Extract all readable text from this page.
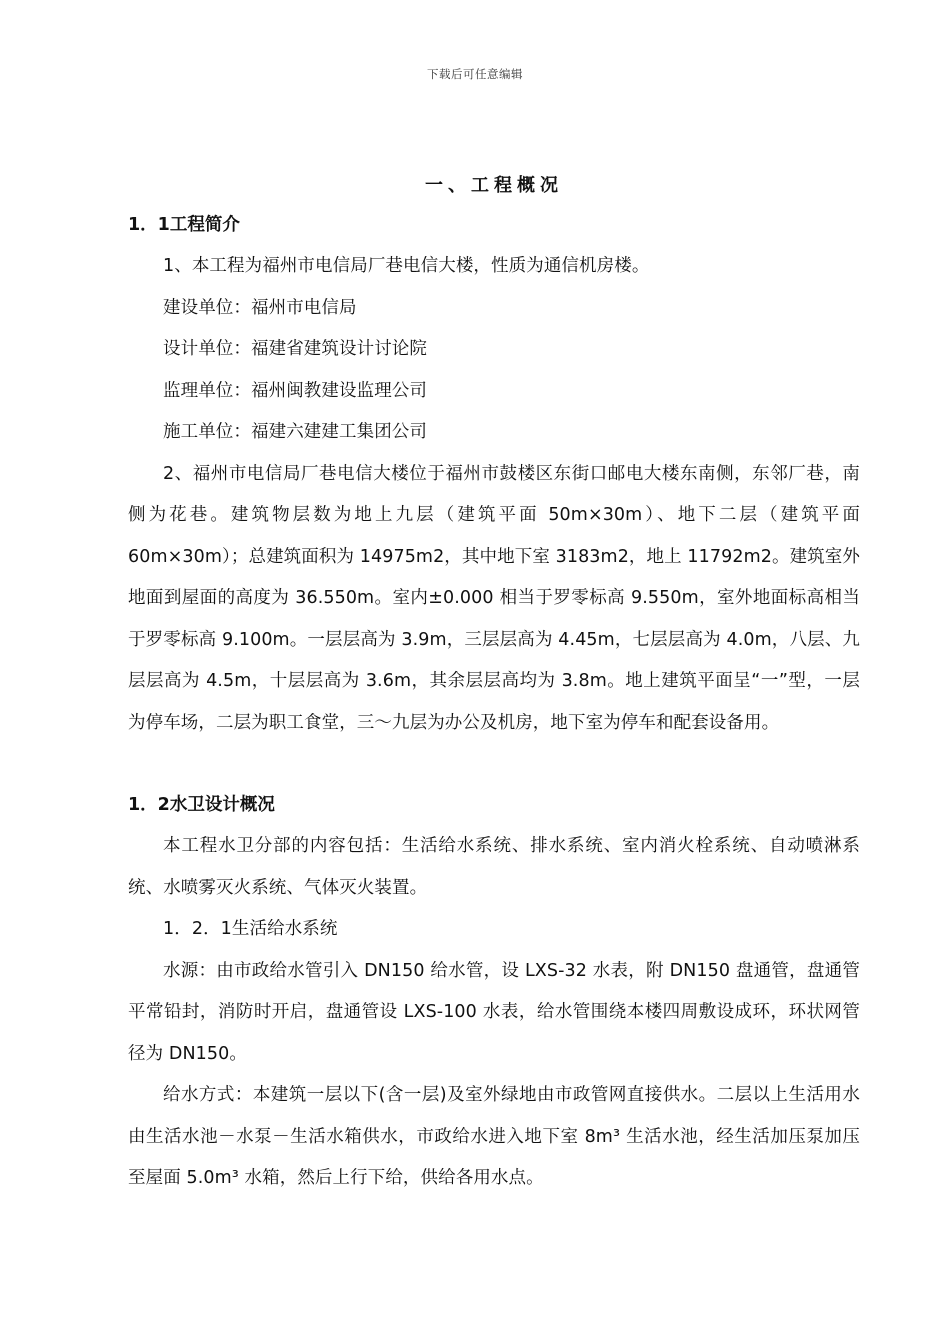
下载后可任意编辑
一、工程概况
1．1工程简介

1、本工程为福州市电信局厂巷电信大楼，性质为通信机房楼。

建设单位：福州市电信局

设计单位：福建省建筑设计讨论院

监理单位：福州闽教建设监理公司

施工单位：福建六建建工集团公司

2、福州市电信局厂巷电信大楼位于福州市鼓楼区东街口邮电大楼东南侧，东邻厂巷，南侧为花巷。建筑物层数为地上九层（建筑平面 50m×30m）、地下二层（建筑平面 60m×30m）；总建筑面积为 14975m2，其中地下室 3183m2，地上 11792m2。建筑室外地面到屋面的高度为 36.550m。室内±0.000 相当于罗零标高 9.550m，室外地面标高相当于罗零标高 9.100m。一层层高为 3.9m，三层层高为 4.45m，七层层高为 4.0m，八层、九层层高为 4.5m，十层层高为 3.6m，其余层层高均为 3.8m。地上建筑平面呈“一”型，一层为停车场，二层为职工食堂，三～九层为办公及机房，地下室为停车和配套设备用。

1．2水卫设计概况

本工程水卫分部的内容包括：生活给水系统、排水系统、室内消火栓系统、自动喷淋系统、水喷雾灭火系统、气体灭火装置。

1．2．1生活给水系统

水源：由市政给水管引入 DN150 给水管，设 LXS-32 水表，附 DN150 盘通管，盘通管平常铅封，消防时开启，盘通管设 LXS-100 水表，给水管围绕本楼四周敷设成环，环状网管径为 DN150。

给水方式：本建筑一层以下(含一层)及室外绿地由市政管网直接供水。二层以上生活用水由生活水池－水泵－生活水箱供水，市政给水进入地下室 8m³ 生活水池，经生活加压泵加压至屋面 5.0m³ 水箱，然后上行下给，供给各用水点。
